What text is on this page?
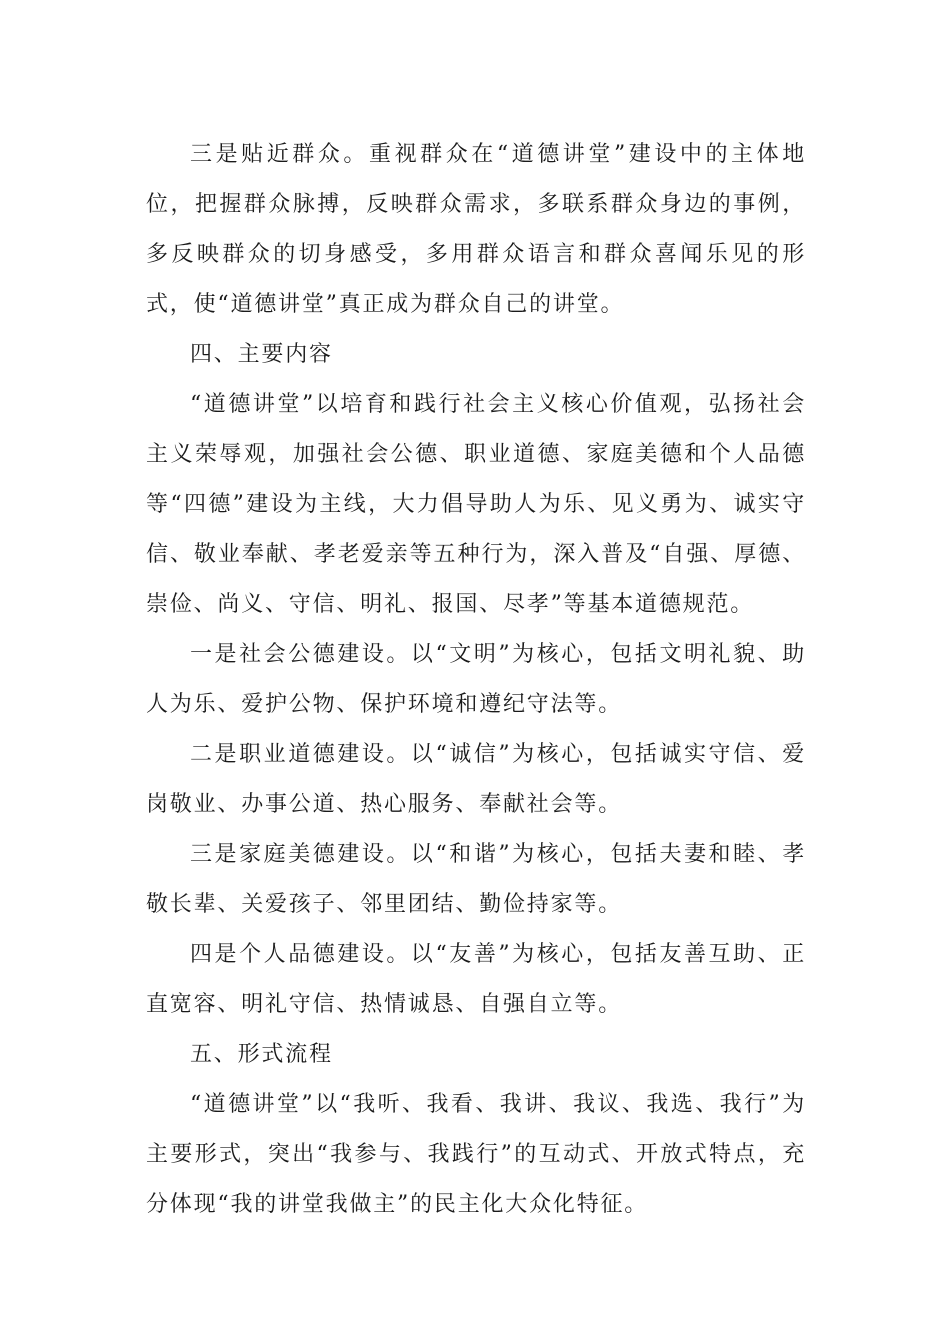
三是贴近群众。重视群众在“道德讲堂”建设中的主体地位，把握群众脉搏，反映群众需求，多联系群众身边的事例，多反映群众的切身感受，多用群众语言和群众喜闻乐见的形式，使“道德讲堂”真正成为群众自己的讲堂。

四、主要内容

“道德讲堂”以培育和践行社会主义核心价值观，弘扬社会主义荣辱观，加强社会公德、职业道德、家庭美德和个人品德等“四德”建设为主线，大力倡导助人为乐、见义勇为、诚实守信、敬业奉献、孝老爱亲等五种行为，深入普及“自强、厚德、崇俭、尚义、守信、明礼、报国、尽孝”等基本道德规范。

一是社会公德建设。以“文明”为核心，包括文明礼貌、助人为乐、爱护公物、保护环境和遵纪守法等。

二是职业道德建设。以“诚信”为核心，包括诚实守信、爱岗敬业、办事公道、热心服务、奉献社会等。

三是家庭美德建设。以“和谐”为核心，包括夫妻和睦、孝敬长辈、关爱孩子、邻里团结、勤俭持家等。

四是个人品德建设。以“友善”为核心，包括友善互助、正直宽容、明礼守信、热情诚恳、自强自立等。

五、形式流程

“道德讲堂”以“我听、我看、我讲、我议、我选、我行”为主要形式，突出“我参与、我践行”的互动式、开放式特点，充分体现“我的讲堂我做主”的民主化大众化特征。
